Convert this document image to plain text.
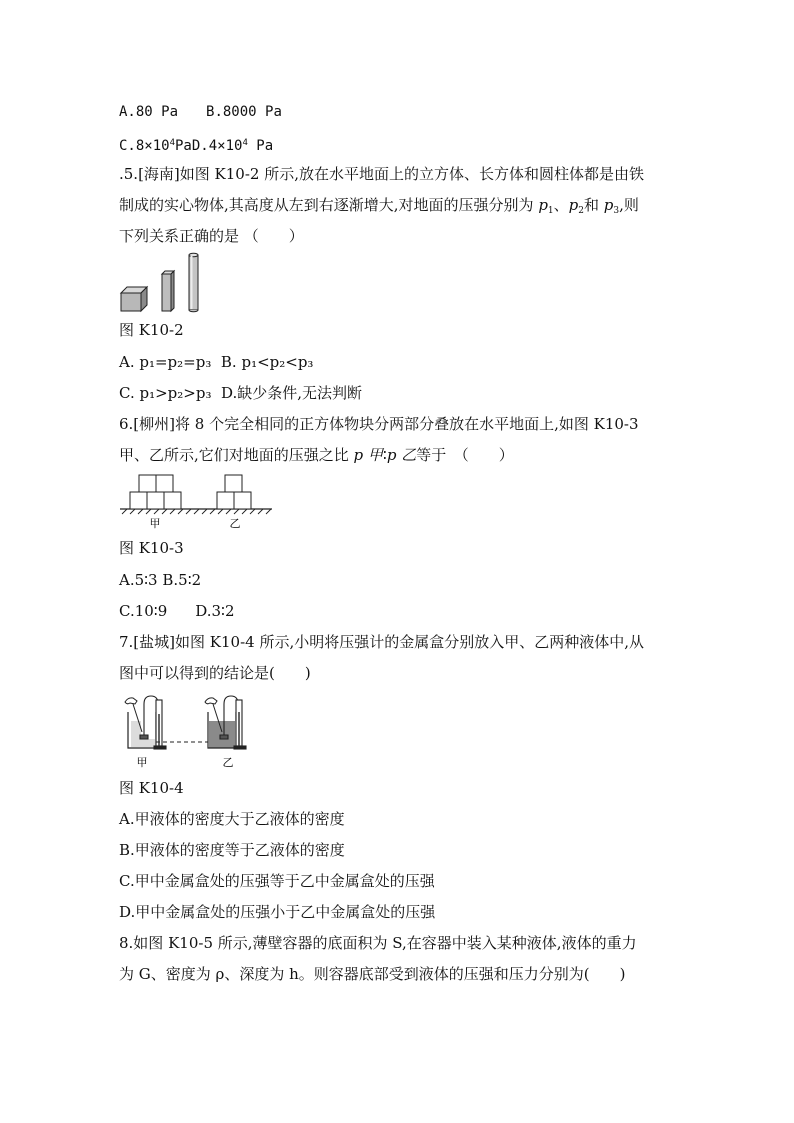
A.80 Pa B.8000 Pa
$C.8\times 10^4PaD.4\times 10^4$ Pa
.5.[海南]如图 K10-2 所示,放在水平地面上的立方体、长方体和圆柱体都是由铁
制成的实心物体,其高度从左到右逐渐增大,对地面的压强分别为 $p_1$、$p_2$和 $p_3$,则
下列关系正确的是 （　　）
图 K10-2
A. p₁=p₂=p₃ B. p₁<p₂<p₃
C. p₁>p₂>p₃ D.缺少条件,无法判断
6.[柳州]将 8 个完全相同的正方体物块分两部分叠放在水平地面上,如图 K10-3
甲、乙所示,它们对地面的压强之比 p 甲∶p 乙等于　（　　）
甲	乙
图 K10-3
A.5∶3 B.5∶2
C.10∶9 D.3∶2
7.[盐城]如图 K10-4 所示,小明将压强计的金属盒分别放入甲、乙两种液体中,从
图中可以得到的结论是(　　)
甲	乙
图 K10-4
A.甲液体的密度大于乙液体的密度
B.甲液体的密度等于乙液体的密度
C.甲中金属盒处的压强等于乙中金属盒处的压强
D.甲中金属盒处的压强小于乙中金属盒处的压强
8.如图 K10-5 所示,薄壁容器的底面积为 S,在容器中装入某种液体,液体的重力
为 G、密度为 ρ、深度为 h。则容器底部受到液体的压强和压力分别为(　　)
